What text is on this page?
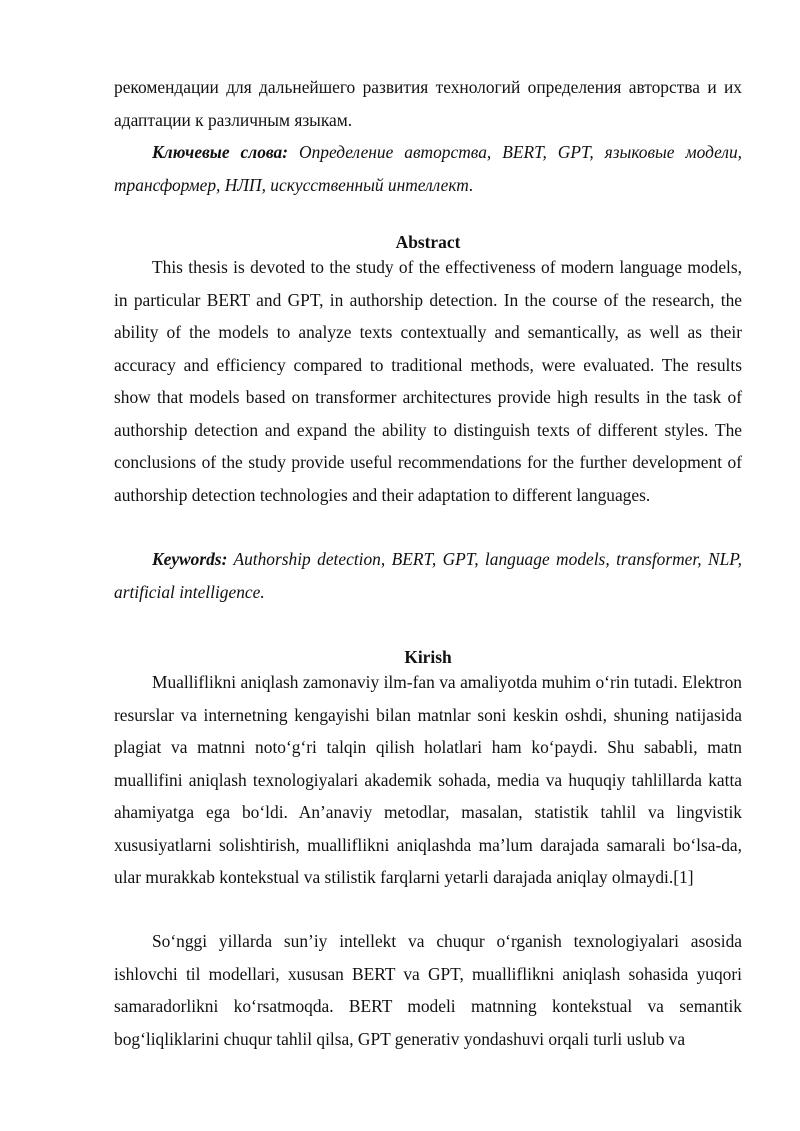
рекомендации для дальнейшего развития технологий определения авторства и их адаптации к различным языкам.

Ключевые слова: Определение авторства, BERT, GPT, языковые модели, трансформер, НЛП, искусственный интеллект.

Abstract

This thesis is devoted to the study of the effectiveness of modern language models, in particular BERT and GPT, in authorship detection. In the course of the research, the ability of the models to analyze texts contextually and semantically, as well as their accuracy and efficiency compared to traditional methods, were evaluated. The results show that models based on transformer architectures provide high results in the task of authorship detection and expand the ability to distinguish texts of different styles. The conclusions of the study provide useful recommendations for the further development of authorship detection technologies and their adaptation to different languages.

Keywords: Authorship detection, BERT, GPT, language models, transformer, NLP, artificial intelligence.

Kirish

Mualliflikni aniqlash zamonaviy ilm-fan va amaliyotda muhim oʻrin tutadi. Elektron resurslar va internetning kengayishi bilan matnlar soni keskin oshdi, shuning natijasida plagiat va matnni notoʻgʻri talqin qilish holatlari ham koʻpaydi. Shu sababli, matn muallifini aniqlash texnologiyalari akademik sohada, media va huquqiy tahlillarda katta ahamiyatga ega boʻldi. Anʼanaviy metodlar, masalan, statistik tahlil va lingvistik xususiyatlarni solishtirish, mualliflikni aniqlashda maʼlum darajada samarali boʻlsa-da, ular murakkab kontekstual va stilistik farqlarni yetarli darajada aniqlay olmaydi.[1]

Soʻnggi yillarda sunʼiy intellekt va chuqur oʻrganish texnologiyalari asosida ishlovchi til modellari, xususan BERT va GPT, mualliflikni aniqlash sohasida yuqori samaradorlikni koʻrsatmoqda. BERT modeli matnning kontekstual va semantik bogʻliqliklarini chuqur tahlil qilsa, GPT generativ yondashuvi orqali turli uslub va
